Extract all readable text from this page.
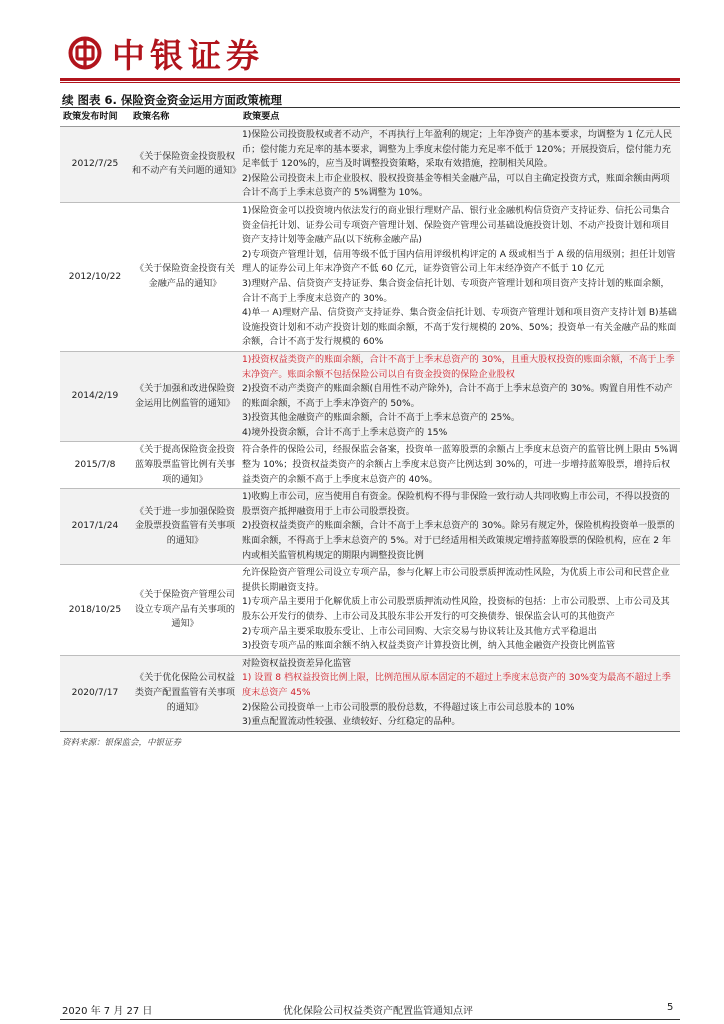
中银证券
续 图表 6. 保险资金资金运用方面政策梳理
政策发布时间	政策名称	政策要点
2012/7/25	《关于保险资金投资股权和不动产有关问题的通知》	1)保险公司投资股权或者不动产，不再执行上年盈利的规定；上年净资产的基本要求，均调整为 1 亿元人民币；偿付能力充足率的基本要求，调整为上季度末偿付能力充足率不低于 120%；开展投资后，偿付能力充足率低于 120%的，应当及时调整投资策略，采取有效措施，控制相关风险。
2)保险公司投资未上市企业股权、股权投资基金等相关金融产品，可以自主确定投资方式，账面余额由两项合计不高于上季末总资产的 5%调整为 10%。

2012/10/22	《关于保险资金投资有关金融产品的通知》	1)保险资金可以投资境内依法发行的商业银行理财产品、银行业金融机构信贷资产支持证券、信托公司集合资金信托计划、证券公司专项资产管理计划、保险资产管理公司基础设施投资计划、不动产投资计划和项目资产支持计划等金融产品(以下统称金融产品)
2)专项资产管理计划，信用等级不低于国内信用评级机构评定的 A 级或相当于 A 级的信用级别；担任计划管理人的证券公司上年末净资产不低 60 亿元，证券资管公司上年末经净资产不低于 10 亿元
3)理财产品、信贷资产支持证券、集合资金信托计划、专项资产管理计划和项目资产支持计划的账面余额，合计不高于上季度末总资产的 30%。
4)单一 A)理财产品、信贷资产支持证券、集合资金信托计划、专项资产管理计划和项目资产支持计划 B)基础设施投资计划和不动产投资计划的账面余额，不高于发行规模的 20%、50%；投资单一有关金融产品的账面余额，合计不高于发行规模的 60%

2014/2/19	《关于加强和改进保险资金运用比例监管的通知》	1)投资权益类资产的账面余额，合计不高于上季末总资产的 30%，且重大股权投资的账面余额，不高于上季末净资产。账面余额不包括保险公司以自有资金投资的保险企业股权
2)投资不动产类资产的账面余额(自用性不动产除外)，合计不高于上季末总资产的 30%。购置自用性不动产的账面余额，不高于上季末净资产的 50%。
3)投资其他金融资产的账面余额，合计不高于上季末总资产的 25%。
4)境外投资余额，合计不高于上季末总资产的 15%

2015/7/8	《关于提高保险资金投资蓝筹股票监管比例有关事项的通知》	符合条件的保险公司，经报保监会备案，投资单一蓝筹股票的余额占上季度末总资产的监管比例上限由 5%调整为 10%；投资权益类资产的余额占上季度末总资产比例达到 30%的，可进一步增持蓝筹股票，增持后权益类资产的余额不高于上季度末总资产的 40%。

2017/1/24	《关于进一步加强保险资金股票投资监管有关事项的通知》	1)收购上市公司，应当使用自有资金。保险机构不得与非保险一致行动人共同收购上市公司，不得以投资的股票资产抵押融资用于上市公司股票投资。
2)投资权益类资产的账面余额，合计不高于上季末总资产的 30%。除另有规定外，保险机构投资单一股票的账面余额，不得高于上季末总资产的 5%。对于已经适用相关政策规定增持蓝筹股票的保险机构，应在 2 年内或相关监管机构规定的期限内调整投资比例

2018/10/25	《关于保险资产管理公司设立专项产品有关事项的通知》	允许保险资产管理公司设立专项产品，参与化解上市公司股票质押流动性风险，为优质上市公司和民营企业提供长期融资支持。
1)专项产品主要用于化解优质上市公司股票质押流动性风险，投资标的包括：上市公司股票、上市公司及其股东公开发行的债券、上市公司及其股东非公开发行的可交换债券、银保监会认可的其他资产
2)专项产品主要采取股东受让、上市公司回购、大宗交易与协议转让及其他方式平稳退出
3)投资专项产品的账面余额不纳入权益类资产计算投资比例，纳入其他金融资产投资比例监管

2020/7/17	《关于优化保险公司权益类资产配置监管有关事项的通知》	对险资权益投资差异化监管
1) 设置 8 档权益投资比例上限，比例范围从原本固定的不超过上季度末总资产的 30%变为最高不超过上季度末总资产 45%
2)保险公司投资单一上市公司股票的股份总数，不得超过该上市公司总股本的 10%
3)重点配置流动性较强、业绩较好、分红稳定的品种。
资料来源：银保监会，中银证券
2020 年 7 月 27 日	优化保险公司权益类资产配置监管通知点评	5
